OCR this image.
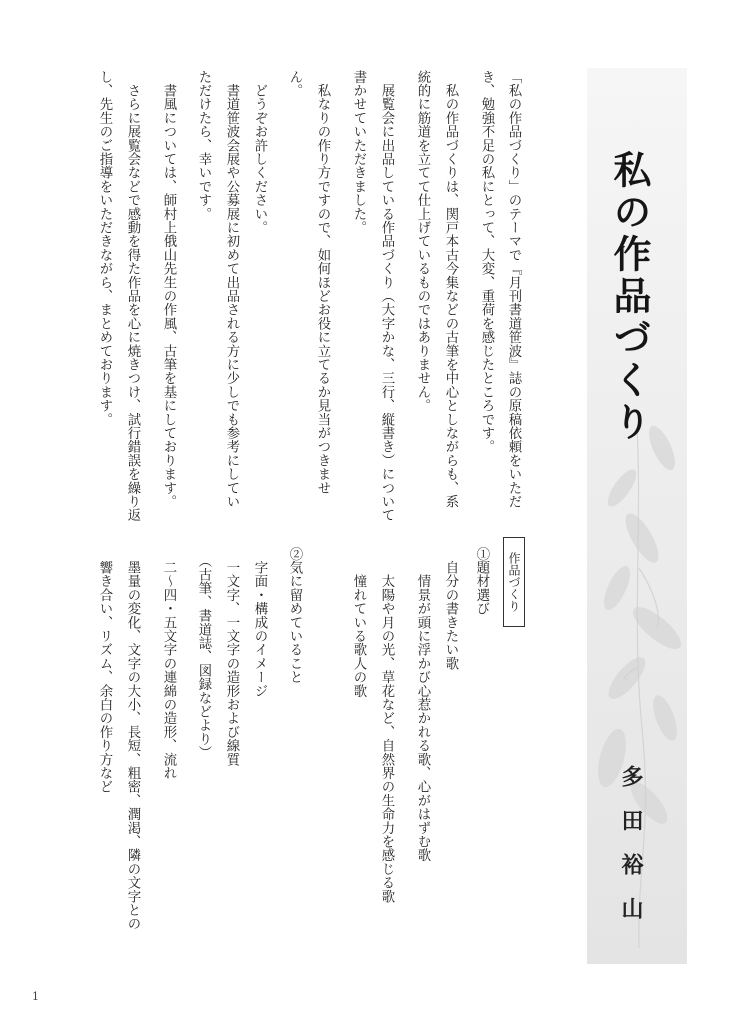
私の作品づくり
多田裕山
「私の作品づくり」のテーマで『月刊書道笹波』誌の原稿依頼をいただ
き、勉強不足の私にとって、大変、重荷を感じたところです。
　私の作品づくりは、関戸本古今集などの古筆を中心としながらも、系
統的に筋道を立てて仕上げているものではありません。
　展覧会に出品している作品づくり（大字かな、三行、縦書き）について
書かせていただきました。
　私なりの作り方ですので、如何ほどお役に立てるか見当がつきませ
ん。
　どうぞお許しください。
　書道笹波会展や公募展に初めて出品される方に少しでも参考にしてい
ただけたら、幸いです。
　書風については、師村上俄山先生の作風、古筆を基にしております。
　さらに展覧会などで感動を得た作品を心に焼きつけ、試行錯誤を繰り返
し、先生のご指導をいただきながら、まとめております。
作品づくり
①題材選び
　自分の書きたい歌
　　情景が頭に浮かび心惹かれる歌、心がはずむ歌
　　太陽や月の光、草花など、自然界の生命力を感じる歌
　　憧れている歌人の歌
②気に留めていること
　字面・構成のイメージ
　一文字、一文字の造形および線質
　（古筆、書道誌、図録などより）
　二〜四・五文字の連綿の造形、流れ
　墨量の変化、文字の大小、長短、粗密、潤渇、隣の文字との
　響き合い、リズム、余白の作り方など
1
